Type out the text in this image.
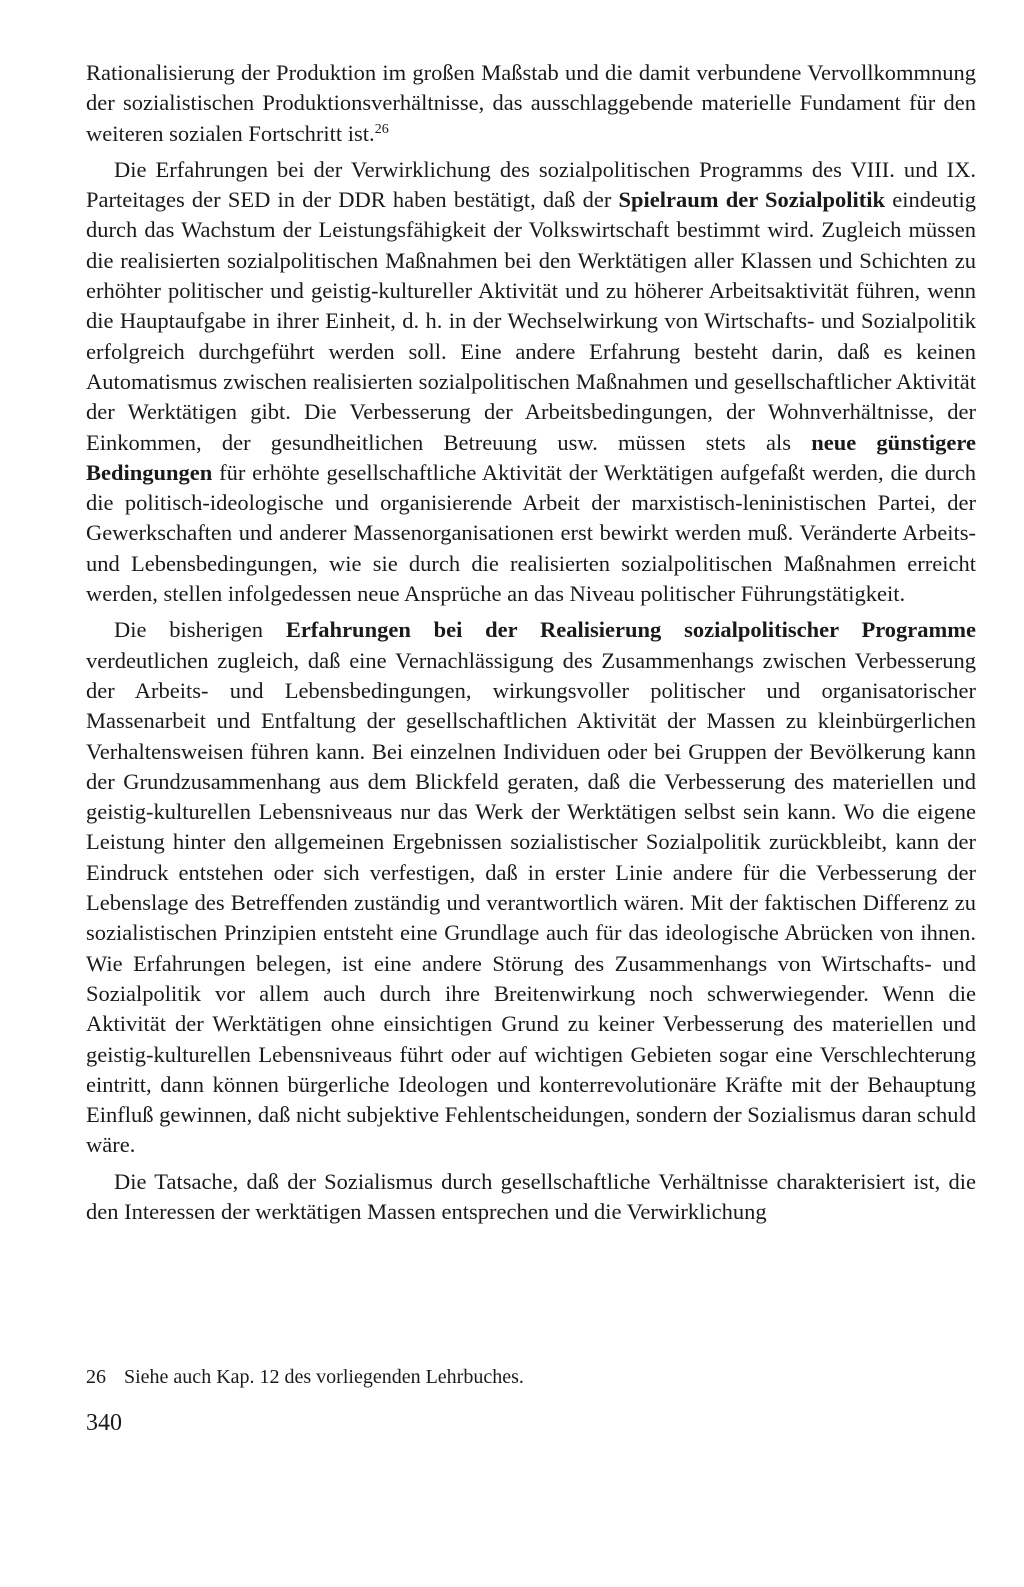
Rationalisierung der Produktion im großen Maßstab und die damit verbundene Vervollkommnung der sozialistischen Produktionsverhältnisse, das ausschlaggebende materielle Fundament für den weiteren sozialen Fortschritt ist.$^{26}$

Die Erfahrungen bei der Verwirklichung des sozialpolitischen Programms des VIII. und IX. Parteitages der SED in der DDR haben bestätigt, daß der Spielraum der Sozialpolitik eindeutig durch das Wachstum der Leistungsfähigkeit der Volkswirtschaft bestimmt wird. Zugleich müssen die realisierten sozialpolitischen Maßnahmen bei den Werktätigen aller Klassen und Schichten zu erhöhter politischer und geistig-kultureller Aktivität und zu höherer Arbeitsaktivität führen, wenn die Hauptaufgabe in ihrer Einheit, d. h. in der Wechselwirkung von Wirtschafts- und Sozialpolitik erfolgreich durchgeführt werden soll. Eine andere Erfahrung besteht darin, daß es keinen Automatismus zwischen realisierten sozialpolitischen Maßnahmen und gesellschaftlicher Aktivität der Werktätigen gibt. Die Verbesserung der Arbeitsbedingungen, der Wohnverhältnisse, der Einkommen, der gesundheitlichen Betreuung usw. müssen stets als neue günstigere Bedingungen für erhöhte gesellschaftliche Aktivität der Werktätigen aufgefaßt werden, die durch die politisch-ideologische und organisierende Arbeit der marxistisch-leninistischen Partei, der Gewerkschaften und anderer Massenorganisationen erst bewirkt werden muß. Veränderte Arbeits- und Lebensbedingungen, wie sie durch die realisierten sozialpolitischen Maßnahmen erreicht werden, stellen infolgedessen neue Ansprüche an das Niveau politischer Führungstätigkeit.

Die bisherigen Erfahrungen bei der Realisierung sozialpolitischer Programme verdeutlichen zugleich, daß eine Vernachlässigung des Zusammenhangs zwischen Verbesserung der Arbeits- und Lebensbedingungen, wirkungsvoller politischer und organisatorischer Massenarbeit und Entfaltung der gesellschaftlichen Aktivität der Massen zu kleinbürgerlichen Verhaltensweisen führen kann. Bei einzelnen Individuen oder bei Gruppen der Bevölkerung kann der Grundzusammenhang aus dem Blickfeld geraten, daß die Verbesserung des materiellen und geistig-kulturellen Lebensniveaus nur das Werk der Werktätigen selbst sein kann. Wo die eigene Leistung hinter den allgemeinen Ergebnissen sozialistischer Sozialpolitik zurückbleibt, kann der Eindruck entstehen oder sich verfestigen, daß in erster Linie andere für die Verbesserung der Lebenslage des Betreffenden zuständig und verantwortlich wären. Mit der faktischen Differenz zu sozialistischen Prinzipien entsteht eine Grundlage auch für das ideologische Abrücken von ihnen. Wie Erfahrungen belegen, ist eine andere Störung des Zusammenhangs von Wirtschafts- und Sozialpolitik vor allem auch durch ihre Breitenwirkung noch schwerwiegender. Wenn die Aktivität der Werktätigen ohne einsichtigen Grund zu keiner Verbesserung des materiellen und geistig-kulturellen Lebensniveaus führt oder auf wichtigen Gebieten sogar eine Verschlechterung eintritt, dann können bürgerliche Ideologen und konterrevolutionäre Kräfte mit der Behauptung Einfluß gewinnen, daß nicht subjektive Fehlentscheidungen, sondern der Sozialismus daran schuld wäre.

Die Tatsache, daß der Sozialismus durch gesellschaftliche Verhältnisse charakterisiert ist, die den Interessen der werktätigen Massen entsprechen und die Verwirklichung

26 Siehe auch Kap. 12 des vorliegenden Lehrbuches.
340
